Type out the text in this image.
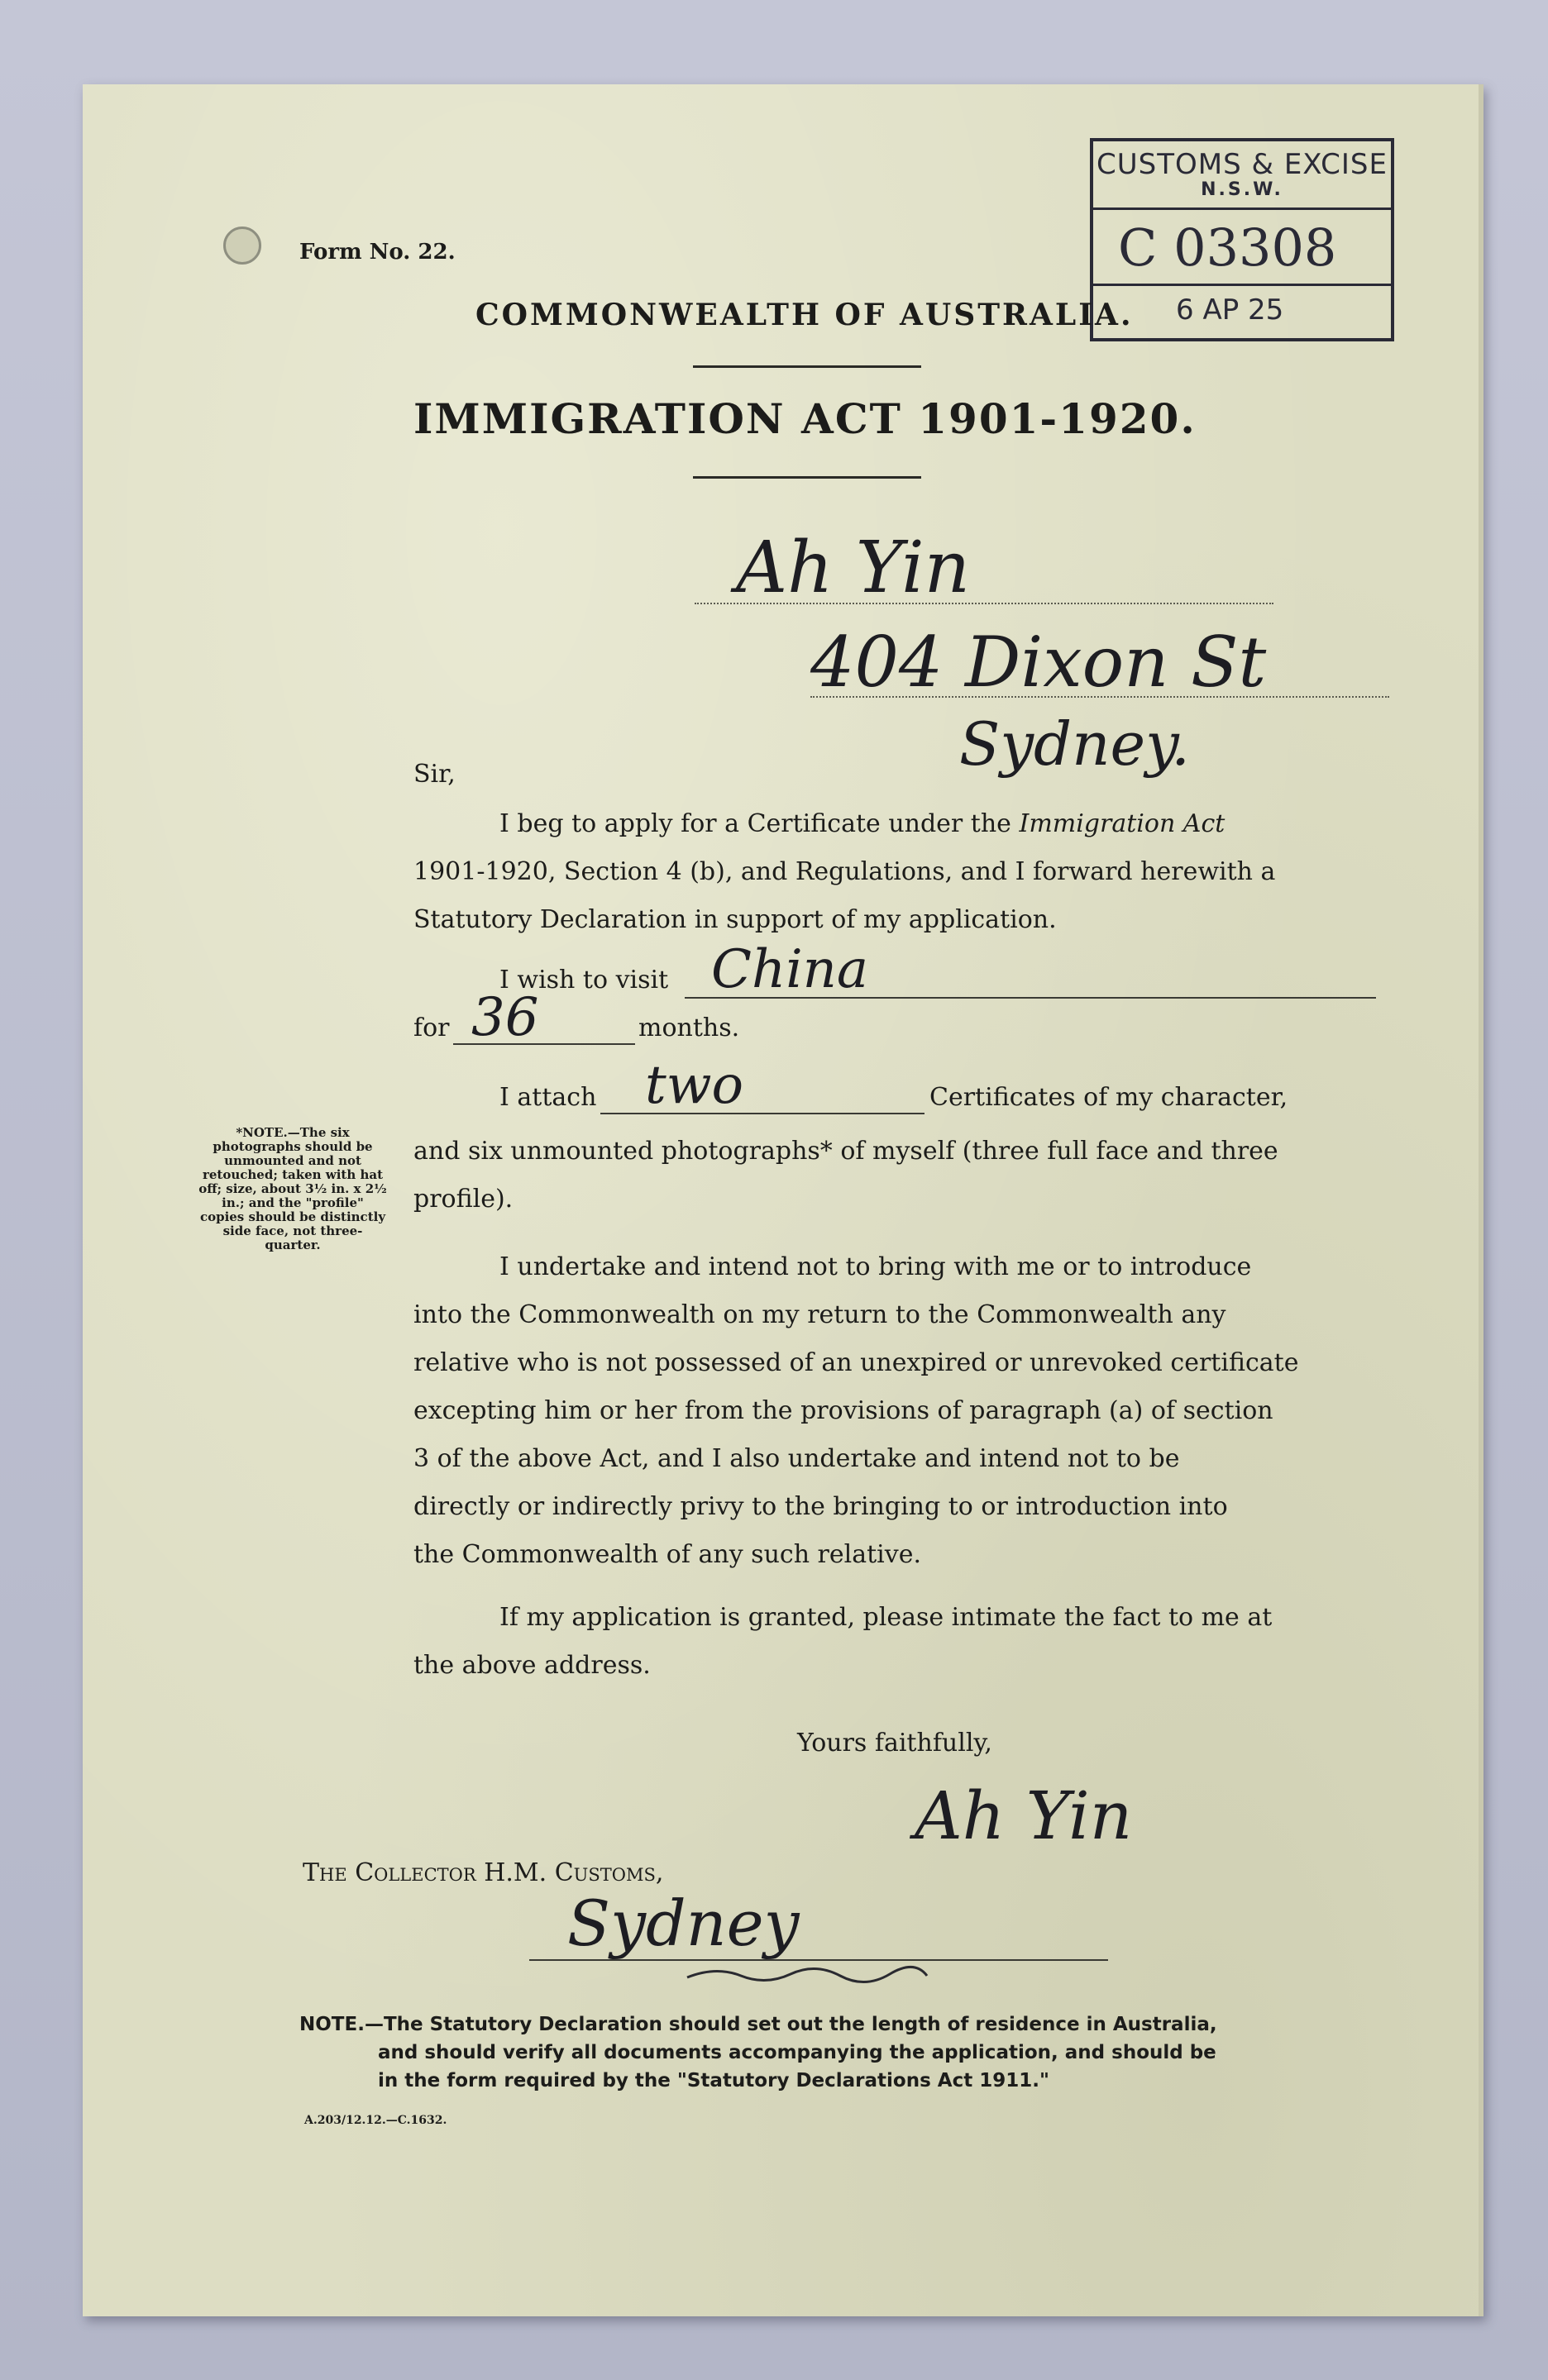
Form No. 22.
CUSTOMS & EXCISE
N.S.W.
C 03308
6 AP 25
COMMONWEALTH OF AUSTRALIA.
IMMIGRATION ACT 1901-1920.
Ah Yin
404 Dixon St
Sydney.
Sir,
I beg to apply for a Certificate under the Immigration Act
1901-1920, Section 4 (b), and Regulations, and I forward herewith a
Statutory Declaration in support of my application.
I wish to visit China
for 36	months.
I attach two	Certificates of my character,
and six unmounted photographs* of myself (three full face and three
profile).
*NOTE.—The six photographs should be unmounted and not retouched; taken with hat off; size, about 3½ in. x 2½ in.; and the "profile" copies should be distinctly side face, not three-quarter.
I undertake and intend not to bring with me or to introduce
into the Commonwealth on my return to the Commonwealth any
relative who is not possessed of an unexpired or unrevoked certificate
excepting him or her from the provisions of paragraph (a) of section
3 of the above Act, and I also undertake and intend not to be
directly or indirectly privy to the bringing to or introduction into
the Commonwealth of any such relative.
If my application is granted, please intimate the fact to me at
the above address.
Yours faithfully,
Ah Yin
The Collector H.M. Customs,
Sydney
NOTE.—The Statutory Declaration should set out the length of residence in Australia,
and should verify all documents accompanying the application, and should be
in the form required by the "Statutory Declarations Act 1911."
A.203/12.12.—C.1632.
